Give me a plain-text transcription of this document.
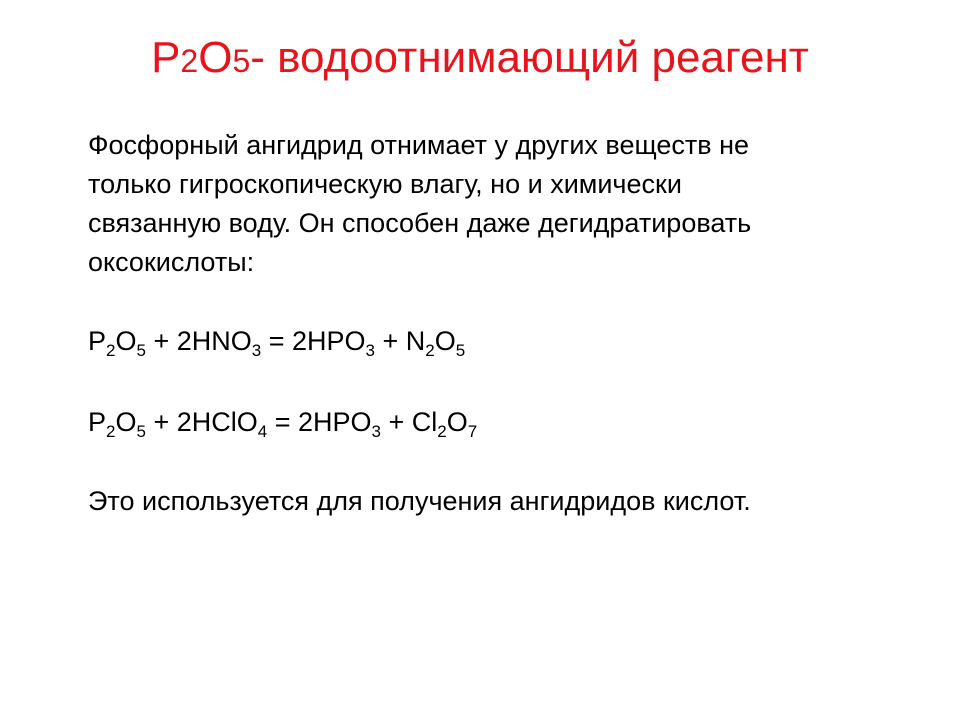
P2O5- водоотнимающий реагент

Фосфорный ангидрид отнимает у других веществ не
только гигроскопическую влагу, но и химически
связанную воду. Он способен даже дегидратировать
оксокислоты:

$P_2O_5 + 2HNO_3 = 2HPO_3 + N_2O_5$
$P_2O_5$ + 2HClO$_4$ = $2HPO_3 + Cl_2O_7$
Это используется для получения ангидридов кислот.
